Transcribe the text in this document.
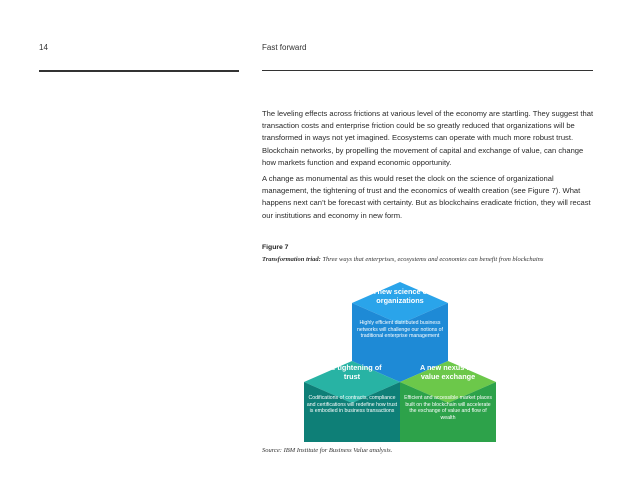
14	Fast forward

The leveling effects across frictions at various level of the economy are startling. They suggest that transaction costs and enterprise friction could be so greatly reduced that organizations will be transformed in ways not yet imagined. Ecosystems can operate with much more robust trust. Blockchain networks, by propelling the movement of capital and exchange of value, can change how markets function and expand economic opportunity.

A change as monumental as this would reset the clock on the science of organizational management, the tightening of trust and the economics of wealth creation (see Figure 7). What happens next can’t be forecast with certainty. But as blockchains eradicate friction, they will recast our institutions and economy in new form.

Figure 7
Transformation triad: Three ways that enterprises, ecosystems and economies can benefit from blockchains
A new science of organizations
Highly efficient distributed business networks will challenge our notions of traditional enterprise management
The tightening of trust
Codifications of contracts, compliance and certifications will redefine how trust is embodied in business transactions
A new nexus for value exchange
Efficient and accessible market places built on the blockchain will accelerate the exchange of value and flow of wealth
Source: IBM Institute for Business Value analysis.
